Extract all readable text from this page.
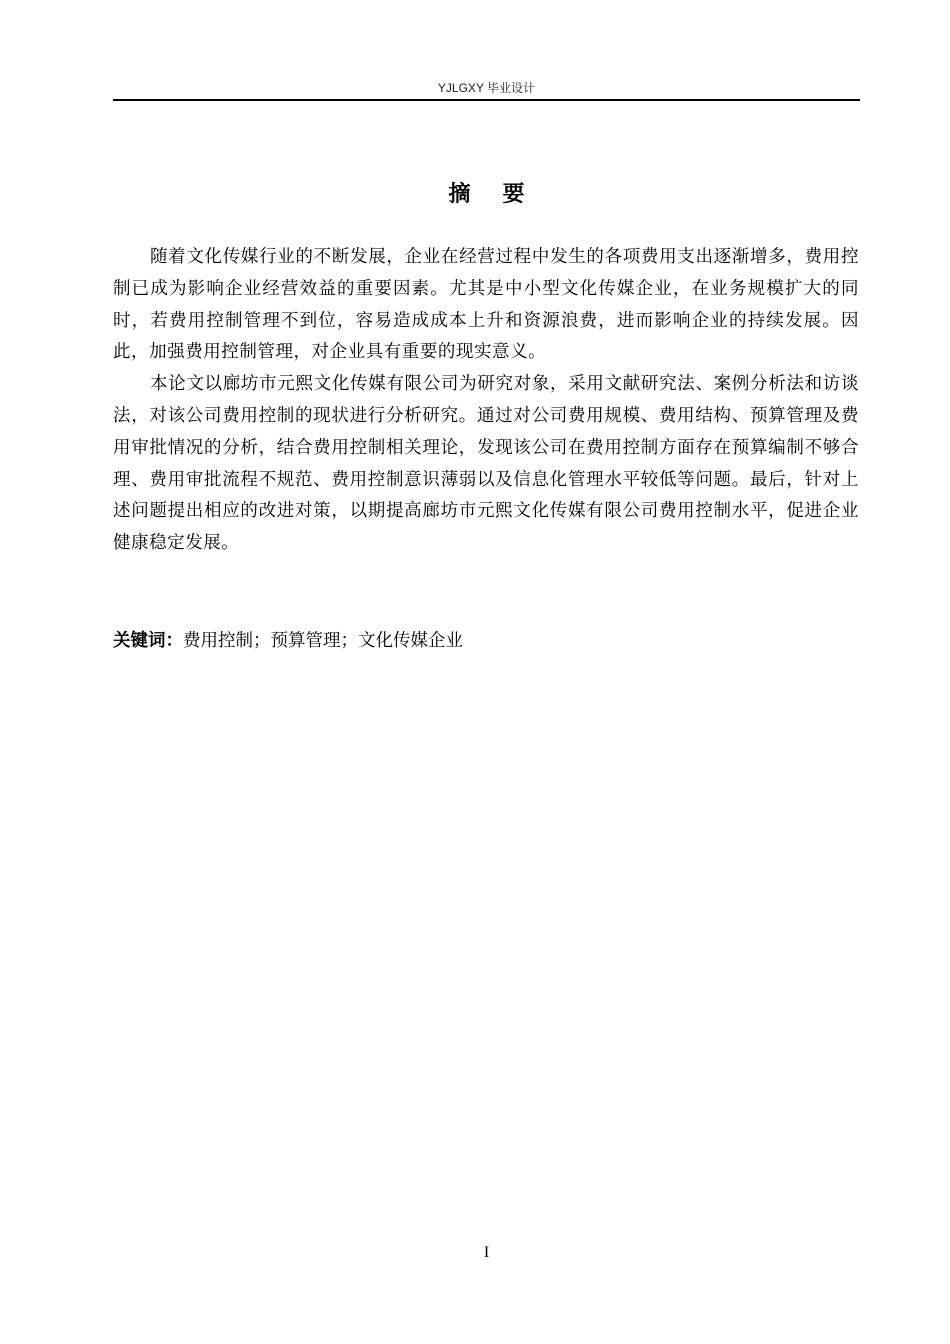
YJLGXY 毕业设计
摘要

随着文化传媒行业的不断发展，企业在经营过程中发生的各项费用支出逐渐增多，费用控制已成为影响企业经营效益的重要因素。尤其是中小型文化传媒企业，在业务规模扩大的同时，若费用控制管理不到位，容易造成成本上升和资源浪费，进而影响企业的持续发展。因此，加强费用控制管理，对企业具有重要的现实意义。

本论文以廊坊市元熙文化传媒有限公司为研究对象，采用文献研究法、案例分析法和访谈法，对该公司费用控制的现状进行分析研究。通过对公司费用规模、费用结构、预算管理及费用审批情况的分析，结合费用控制相关理论，发现该公司在费用控制方面存在预算编制不够合理、费用审批流程不规范、费用控制意识薄弱以及信息化管理水平较低等问题。最后，针对上述问题提出相应的改进对策，以期提高廊坊市元熙文化传媒有限公司费用控制水平，促进企业健康稳定发展。

关键词：费用控制；预算管理；文化传媒企业
I
